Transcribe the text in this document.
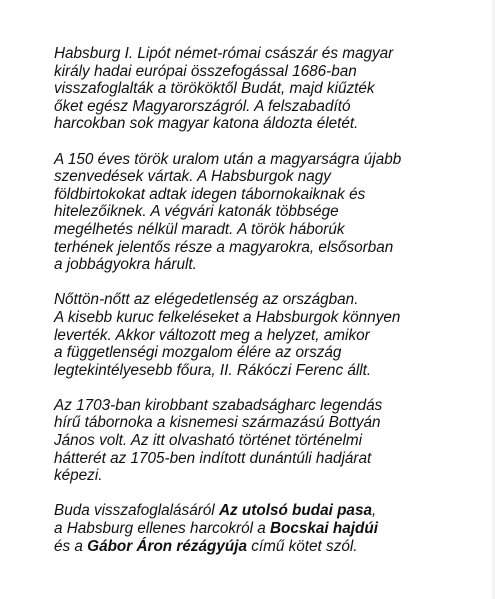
Habsburg I. Lipót német-római császár és magyar
király hadai európai összefogással 1686-ban
visszafoglalták a törököktől Budát, majd kiűzték
őket egész Magyarországról. A felszabadító
harcokban sok magyar katona áldozta életét.

A 150 éves török uralom után a magyarságra újabb
szenvedések vártak. A Habsburgok nagy
földbirtokokat adtak idegen tábornokaiknak és
hitelezőiknek. A végvári katonák többsége
megélhetés nélkül maradt. A török háborúk
terhének jelentős része a magyarokra, elsősorban
a jobbágyokra hárult.

Nőttön-nőtt az elégedetlenség az országban.
A kisebb kuruc felkeléseket a Habsburgok könnyen
leverték. Akkor változott meg a helyzet, amikor
a függetlenségi mozgalom élére az ország
legtekintélyesebb főura, II. Rákóczi Ferenc állt.

Az 1703-ban kirobbant szabadságharc legendás
hírű tábornoka a kisnemesi származású Bottyán
János volt. Az itt olvasható történet történelmi
hátterét az 1705-ben indított dunántúli hadjárat
képezi.

Buda visszafoglalásáról Az utolsó budai pasa,
a Habsburg ellenes harcokról a Bocskai hajdúi
és a Gábor Áron rézágyúja című kötet szól.
